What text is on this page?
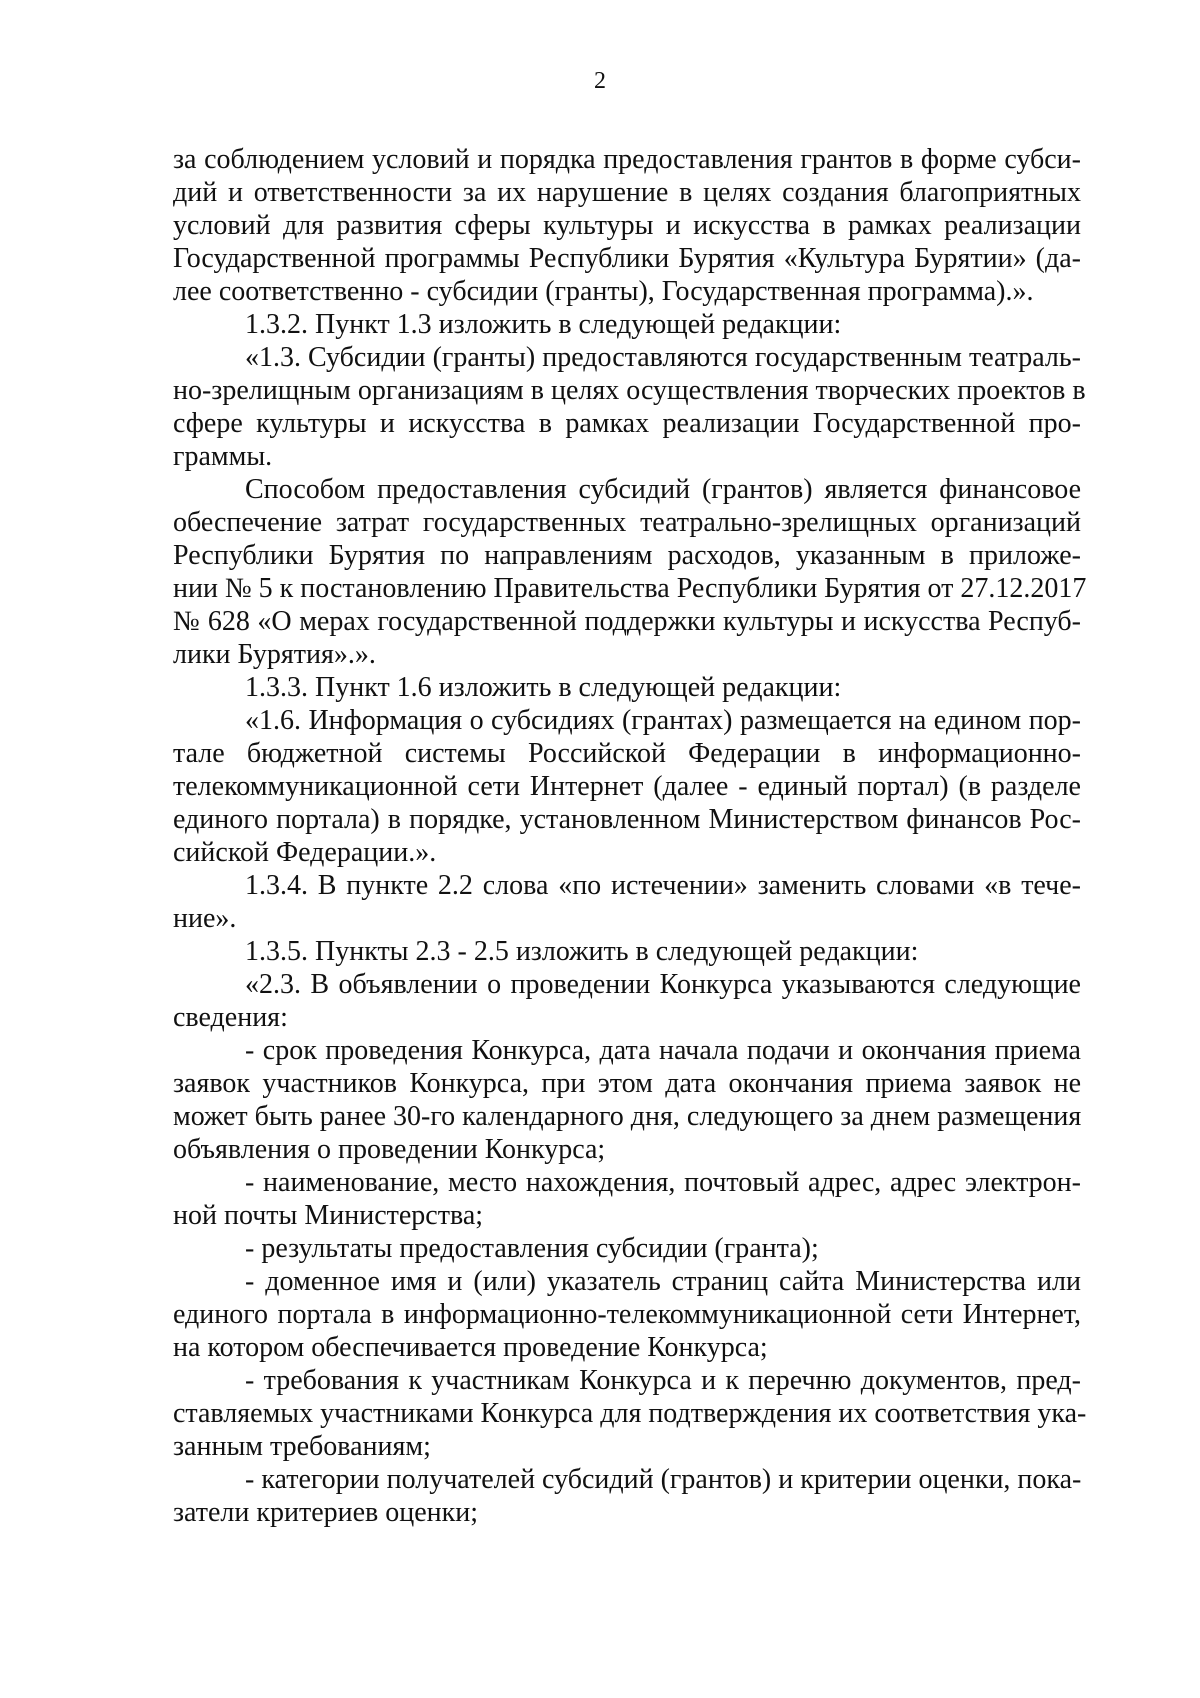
2
за соблюдением условий и порядка предоставления грантов в форме субси-
дий и ответственности за их нарушение в целях создания благоприятных
условий для развития сферы культуры и искусства в рамках реализации
Государственной программы Республики Бурятия «Культура Бурятии» (да-
лее соответственно - субсидии (гранты), Государственная программа).».
1.3.2. Пункт 1.3 изложить в следующей редакции:
«1.3. Субсидии (гранты) предоставляются государственным театраль-
но-зрелищным организациям в целях осуществления творческих проектов в
сфере культуры и искусства в рамках реализации Государственной про-
граммы.
Способом предоставления субсидий (грантов) является финансовое
обеспечение затрат государственных театрально-зрелищных организаций
Республики Бурятия по направлениям расходов, указанным в приложе-
нии № 5 к постановлению Правительства Республики Бурятия от 27.12.2017
№ 628 «О мерах государственной поддержки культуры и искусства Респуб-
лики Бурятия».».
1.3.3. Пункт 1.6 изложить в следующей редакции:
«1.6. Информация о субсидиях (грантах) размещается на едином пор-
тале бюджетной системы Российской Федерации в информационно-
телекоммуникационной сети Интернет (далее - единый портал) (в разделе
единого портала) в порядке, установленном Министерством финансов Рос-
сийской Федерации.».
1.3.4. В пункте 2.2 слова «по истечении» заменить словами «в тече-
ние».
1.3.5. Пункты 2.3 - 2.5 изложить в следующей редакции:
«2.3. В объявлении о проведении Конкурса указываются следующие
сведения:
- срок проведения Конкурса, дата начала подачи и окончания приема
заявок участников Конкурса, при этом дата окончания приема заявок не
может быть ранее 30-го календарного дня, следующего за днем размещения
объявления о проведении Конкурса;
- наименование, место нахождения, почтовый адрес, адрес электрон-
ной почты Министерства;
- результаты предоставления субсидии (гранта);
- доменное имя и (или) указатель страниц сайта Министерства или
единого портала в информационно-телекоммуникационной сети Интернет,
на котором обеспечивается проведение Конкурса;
- требования к участникам Конкурса и к перечню документов, пред-
ставляемых участниками Конкурса для подтверждения их соответствия ука-
занным требованиям;
- категории получателей субсидий (грантов) и критерии оценки, пока-
затели критериев оценки;
